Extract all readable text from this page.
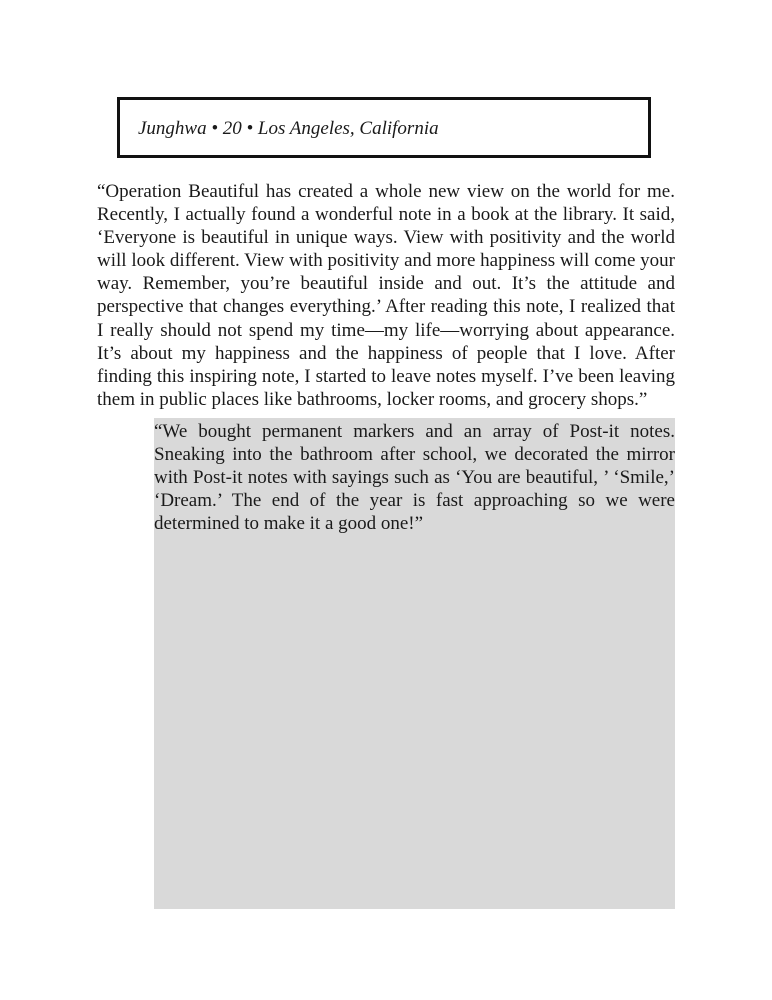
Junghwa • 20 • Los Angeles, California

“Operation Beautiful has created a whole new view on the world for me. Recently, I actually found a wonderful note in a book at the library. It said, ‘Everyone is beautiful in unique ways. View with positivity and the world will look different. View with positivity and more happiness will come your way. Remember, you’re beautiful inside and out. It’s the attitude and perspective that changes everything.’ After reading this note, I realized that I really should not spend my time—my life—worrying about appearance. It’s about my happiness and the happiness of people that I love. After finding this inspiring note, I started to leave notes myself. I’ve been leaving them in public places like bathrooms, locker rooms, and grocery shops.”

“We bought permanent markers and an array of Post-it notes. Sneaking into the bathroom after school, we decorated the mirror with Post-it notes with sayings such as ‘You are beautiful, ’ ‘Smile,’ ‘Dream.’ The end of the year is fast approaching so we were determined to make it a good one!”
